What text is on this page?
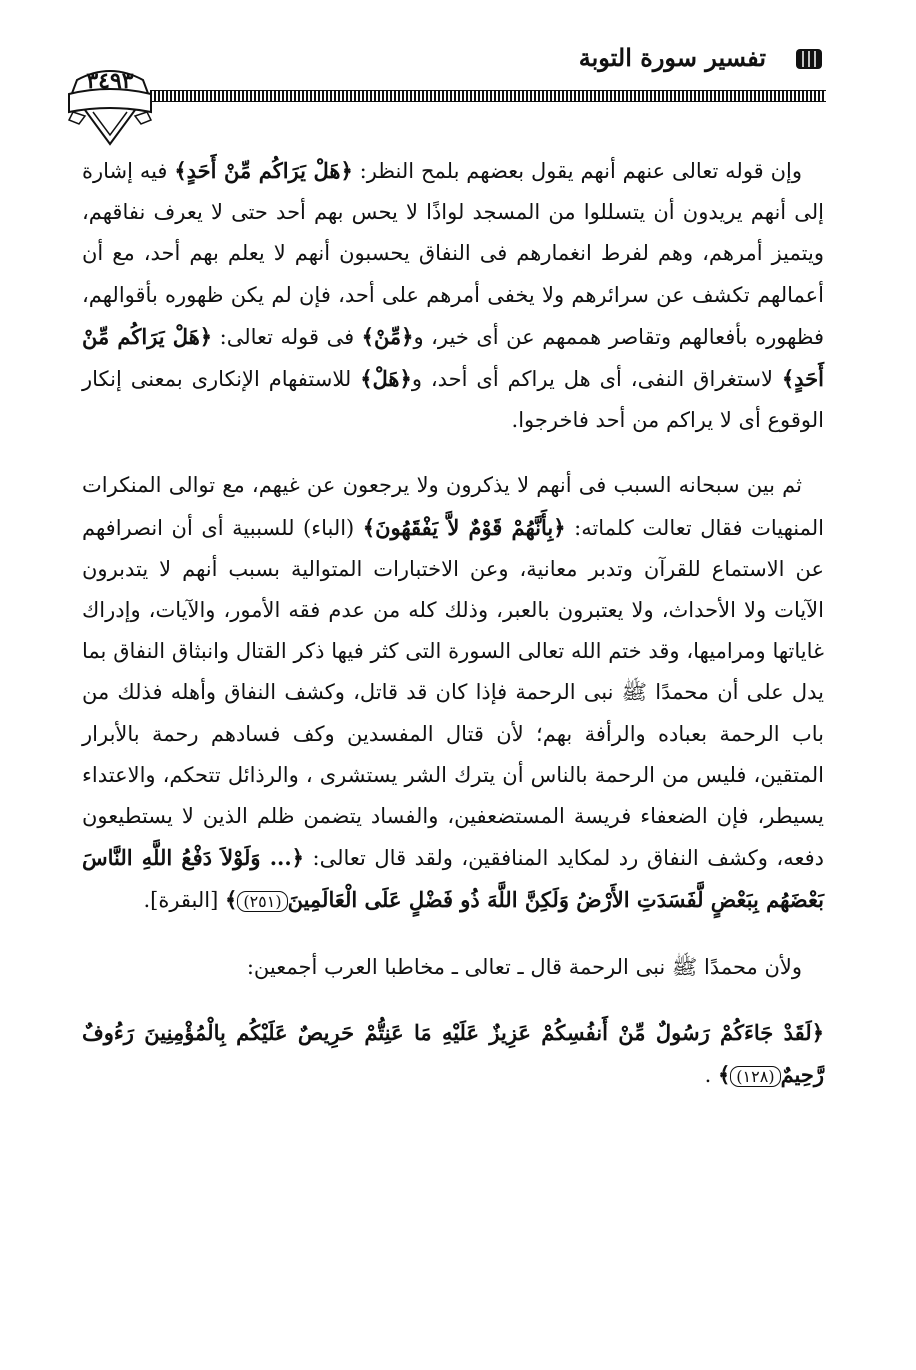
تفسير سورة التوبة
٣٤٩٣

وإن قوله تعالى عنهم أنهم يقول بعضهم بلمح النظر: ﴿هَلْ يَرَاكُم مِّنْ أَحَدٍ﴾ فيه إشارة إلى أنهم يريدون أن يتسللوا من المسجد لواذًا لا يحس بهم أحد حتى لا يعرف نفاقهم، ويتميز أمرهم، وهم لفرط انغمارهم فى النفاق يحسبون أنهم لا يعلم بهم أحد، مع أن أعمالهم تكشف عن سرائرهم ولا يخفى أمرهم على أحد، فإن لم يكن ظهوره بأقوالهم، فظهوره بأفعالهم وتقاصر هممهم عن أى خير، و﴿مِّنْ﴾ فى قوله تعالى: ﴿هَلْ يَرَاكُم مِّنْ أَحَدٍ﴾ لاستغراق النفى، أى هل يراكم أى أحد، و﴿هَلْ﴾ للاستفهام الإنكارى بمعنى إنكار الوقوع أى لا يراكم من أحد فاخرجوا.

ثم بين سبحانه السبب فى أنهم لا يذكرون ولا يرجعون عن غيهم، مع توالى المنكرات المنهيات فقال تعالت كلماته: ﴿بِأَنَّهُمْ قَوْمٌ لاَّ يَفْقَهُونَ﴾ (الباء) للسببية أى أن انصرافهم عن الاستماع للقرآن وتدبر معانية، وعن الاختبارات المتوالية بسبب أنهم لا يتدبرون الآيات ولا الأحداث، ولا يعتبرون بالعبر، وذلك كله من عدم فقه الأمور، والآيات، وإدراك غاياتها ومراميها، وقد ختم الله تعالى السورة التى كثر فيها ذكر القتال وانبثاق النفاق بما يدل على أن محمدًا ﷺ نبى الرحمة فإذا كان قد قاتل، وكشف النفاق وأهله فذلك من باب الرحمة بعباده والرأفة بهم؛ لأن قتال المفسدين وكف فسادهم رحمة بالأبرار المتقين، فليس من الرحمة بالناس أن يترك الشر يستشرى ، والرذائل تتحكم، والاعتداء يسيطر، فإن الضعفاء فريسة المستضعفين، والفساد يتضمن ظلم الذين لا يستطيعون دفعه، وكشف النفاق رد لمكايد المنافقين، ولقد قال تعالى: ﴿... وَلَوْلاَ دَفْعُ اللَّهِ النَّاسَ بَعْضَهُم بِبَعْضٍ لَّفَسَدَتِ الأَرْضُ وَلَكِنَّ اللَّهَ ذُو فَضْلٍ عَلَى الْعَالَمِينَ(٢٥١)﴾ [البقرة].

ولأن محمدًا ﷺ نبى الرحمة قال ـ تعالى ـ مخاطبا العرب أجمعين:

﴿لَقَدْ جَاءَكُمْ رَسُولٌ مِّنْ أَنفُسِكُمْ عَزِيزٌ عَلَيْهِ مَا عَنِتُّمْ حَرِيصٌ عَلَيْكُم بِالْمُؤْمِنِينَ رَءُوفٌ رَّحِيمٌ(١٢٨)﴾ .
